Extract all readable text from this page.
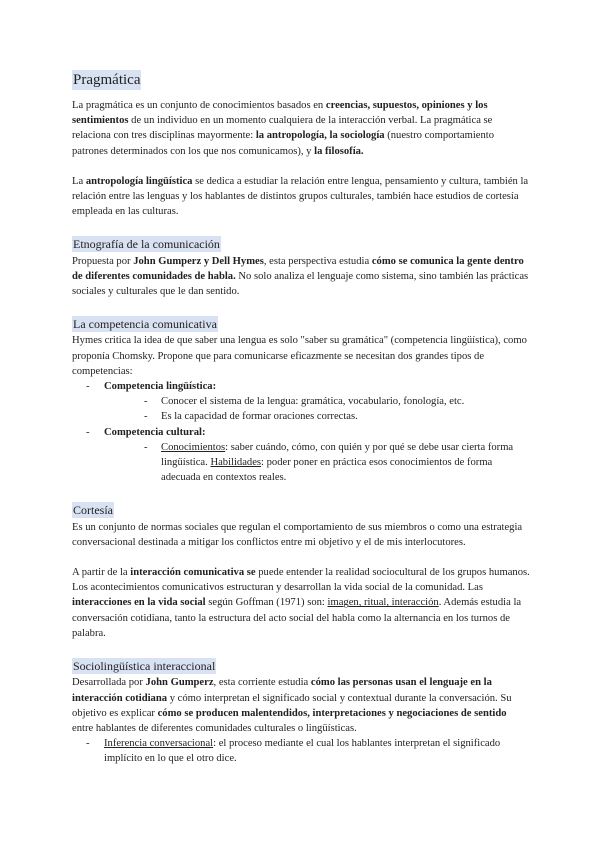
Pragmática

La pragmática es un conjunto de conocimientos basados en creencias, supuestos, opiniones y los sentimientos de un individuo en un momento cualquiera de la interacción verbal. La pragmática se relaciona con tres disciplinas mayormente: la antropología, la sociología (nuestro comportamiento patrones determinados con los que nos comunicamos), y la filosofía.

La antropología lingüística se dedica a estudiar la relación entre lengua, pensamiento y cultura, también la relación entre las lenguas y los hablantes de distintos grupos culturales, también hace estudios de cortesía empleada en las culturas.

Etnografía de la comunicación

Propuesta por John Gumperz y Dell Hymes, esta perspectiva estudia cómo se comunica la gente dentro de diferentes comunidades de habla. No solo analiza el lenguaje como sistema, sino también las prácticas sociales y culturales que le dan sentido.

La competencia comunicativa

Hymes critica la idea de que saber una lengua es solo "saber su gramática" (competencia lingüística), como proponía Chomsky. Propone que para comunicarse eficazmente se necesitan dos grandes tipos de competencias:

- Competencia lingüística:
- Conocer el sistema de la lengua: gramática, vocabulario, fonología, etc.
- Es la capacidad de formar oraciones correctas.
- Competencia cultural:
- Conocimientos: saber cuándo, cómo, con quién y por qué se debe usar cierta forma lingüística. Habilidades: poder poner en práctica esos conocimientos de forma adecuada en contextos reales.
Cortesía

Es un conjunto de normas sociales que regulan el comportamiento de sus miembros o como una estrategia conversacional destinada a mitigar los conflictos entre mi objetivo y el de mis interlocutores.

A partir de la interacción comunicativa se puede entender la realidad sociocultural de los grupos humanos. Los acontecimientos comunicativos estructuran y desarrollan la vida social de la comunidad. Las interacciones en la vida social según Goffman (1971) son: imagen, ritual, interacción. Además estudia la conversación cotidiana, tanto la estructura del acto social del habla como la alternancia en los turnos de palabra.

Sociolingüística interaccional

Desarrollada por John Gumperz, esta corriente estudia cómo las personas usan el lenguaje en la interacción cotidiana y cómo interpretan el significado social y contextual durante la conversación. Su objetivo es explicar cómo se producen malentendidos, interpretaciones y negociaciones de sentido entre hablantes de diferentes comunidades culturales o lingüísticas.

- Inferencia conversacional: el proceso mediante el cual los hablantes interpretan el significado implícito en lo que el otro dice.
